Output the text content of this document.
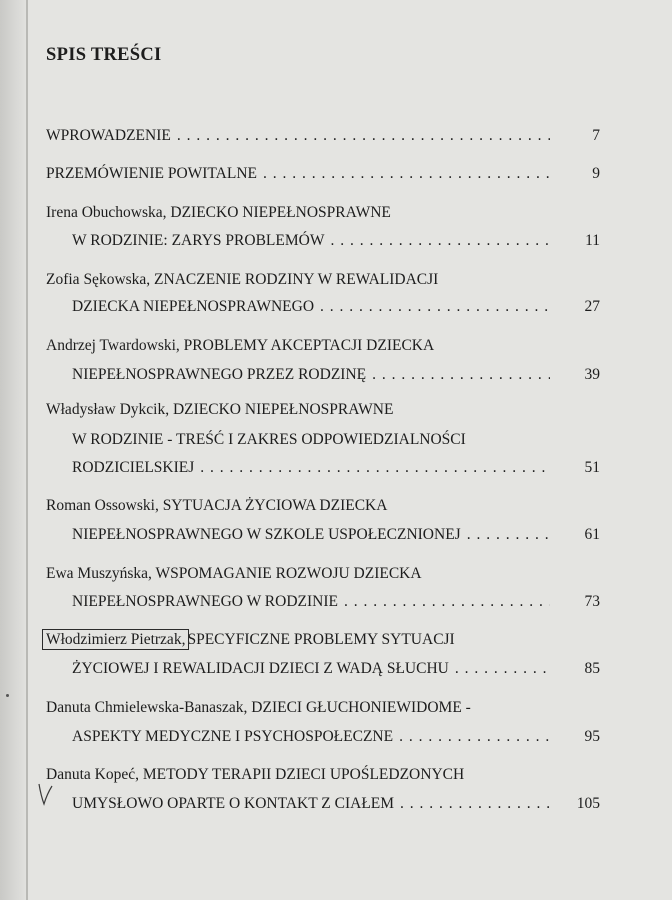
SPIS TREŚCI
WPROWADZENIE . . .	7
PRZEMÓWIENIE POWITALNE . . .	9
Irena Obuchowska, DZIECKO NIEPEŁNOSPRAWNE
W RODZINIE: ZARYS PROBLEMÓW . . .	11
Zofia Sękowska, ZNACZENIE RODZINY W REWALIDACJI
DZIECKA NIEPEŁNOSPRAWNEGO . . .	27
Andrzej Twardowski, PROBLEMY AKCEPTACJI DZIECKA
NIEPEŁNOSPRAWNEGO PRZEZ RODZINĘ . . .	39
Władysław Dykcik, DZIECKO NIEPEŁNOSPRAWNE
W RODZINIE - TREŚĆ I ZAKRES ODPOWIEDZIALNOŚCI
RODZICIELSKIEJ . . .	51
Roman Ossowski, SYTUACJA ŻYCIOWA DZIECKA
NIEPEŁNOSPRAWNEGO W SZKOLE USPOŁECZNIONEJ . . .	61
Ewa Muszyńska, WSPOMAGANIE ROZWOJU DZIECKA
NIEPEŁNOSPRAWNEGO W RODZINIE . . .	73
Włodzimierz Pietrzak, SPECYFICZNE PROBLEMY SYTUACJI
ŻYCIOWEJ I REWALIDACJI DZIECI Z WADĄ SŁUCHU . . .	85
Danuta Chmielewska-Banaszak, DZIECI GŁUCHONIEWIDOME -
ASPEKTY MEDYCZNE I PSYCHOSPOŁECZNE . . .	95
Danuta Kopeć, METODY TERAPII DZIECI UPOŚLEDZONYCH
UMYSŁOWO OPARTE O KONTAKT Z CIAŁEM . . .	105
